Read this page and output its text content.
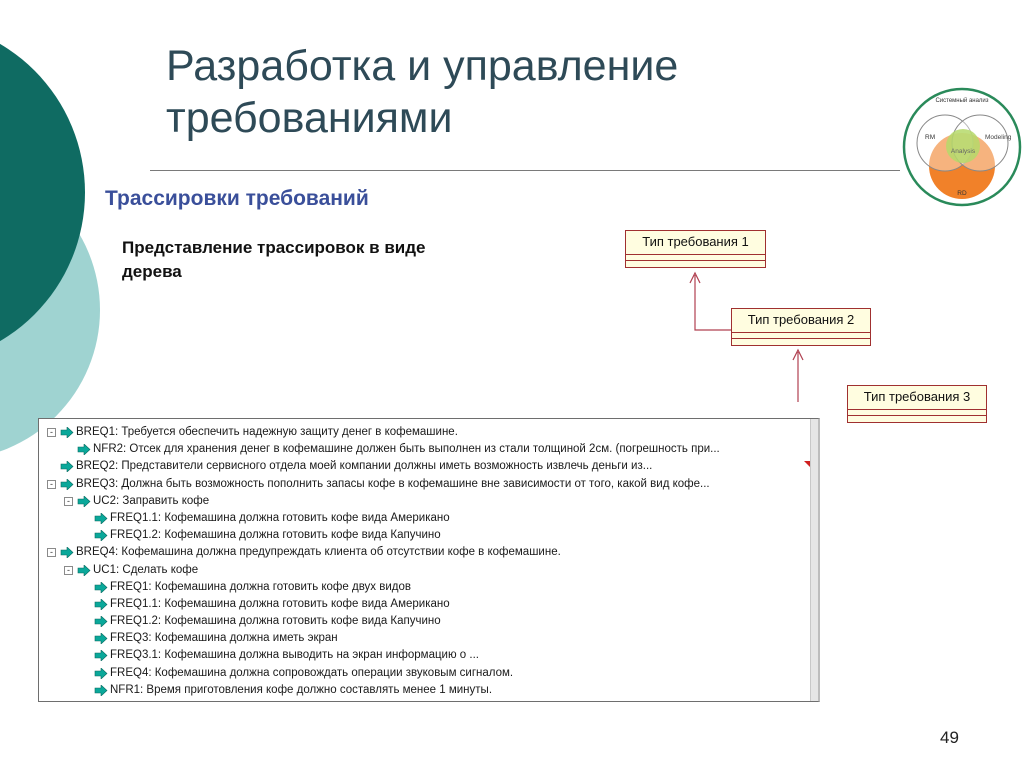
Разработка и управление требованиями
Трассировки требований
Представление трассировок в виде дерева
Системный анализ
RM	Modeling
Analysis
RD
Тип требования 1
Тип требования 2
Тип требования 3
- BREQ1: Требуется обеспечить надежную защиту денег в кофемашине.
NFR2: Отсек для хранения денег в кофемашине должен быть выполнен из стали толщиной 2см. (погрешность при...
BREQ2: Представители сервисного отдела моей компании должны иметь возможность извлечь деньги из...
- BREQ3: Должна быть возможность пополнить запасы кофе в кофемашине вне зависимости от того, какой вид кофе...
- UC2: Заправить кофе
FREQ1.1: Кофемашина должна готовить кофе вида Американо
FREQ1.2: Кофемашина должна готовить кофе вида Капучино
- BREQ4: Кофемашина должна предупреждать клиента об отсутствии кофе в кофемашине.
- UC1: Сделать кофе
FREQ1: Кофемашина должна готовить кофе двух видов
FREQ1.1: Кофемашина должна готовить кофе вида Американо
FREQ1.2: Кофемашина должна готовить кофе вида Капучино
FREQ3: Кофемашина должна иметь экран
FREQ3.1: Кофемашина должна выводить на экран информацию о ...
FREQ4: Кофемашина должна сопровождать операции звуковым сигналом.
NFR1: Время приготовления кофе должно составлять менее 1 минуты.
49
